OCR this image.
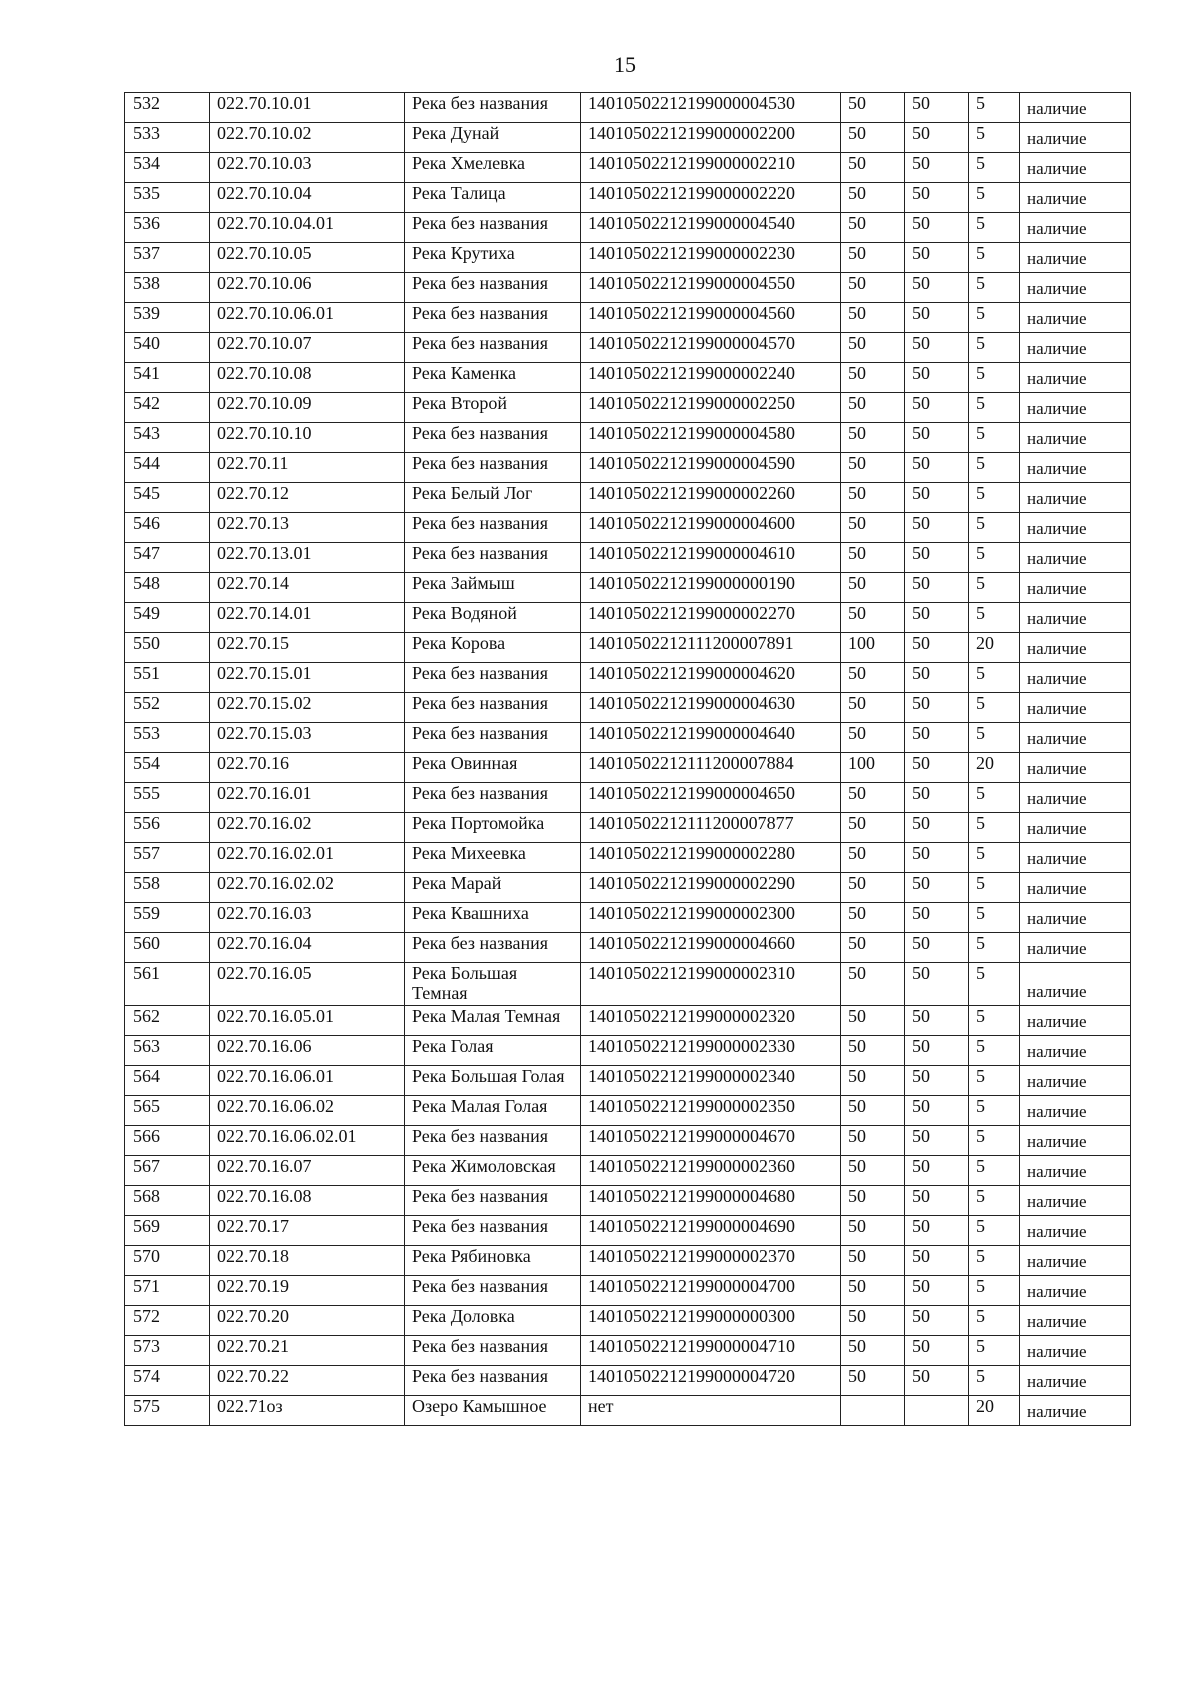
15
532	022.70.10.01	Река без названия	14010502212199000004530	50	50	5	наличие
533	022.70.10.02	Река Дунай	14010502212199000002200	50	50	5	наличие
534	022.70.10.03	Река Хмелевка	14010502212199000002210	50	50	5	наличие
535	022.70.10.04	Река Талица	14010502212199000002220	50	50	5	наличие
536	022.70.10.04.01	Река без названия	14010502212199000004540	50	50	5	наличие
537	022.70.10.05	Река Крутиха	14010502212199000002230	50	50	5	наличие
538	022.70.10.06	Река без названия	14010502212199000004550	50	50	5	наличие
539	022.70.10.06.01	Река без названия	14010502212199000004560	50	50	5	наличие
540	022.70.10.07	Река без названия	14010502212199000004570	50	50	5	наличие
541	022.70.10.08	Река Каменка	14010502212199000002240	50	50	5	наличие
542	022.70.10.09	Река Второй	14010502212199000002250	50	50	5	наличие
543	022.70.10.10	Река без названия	14010502212199000004580	50	50	5	наличие
544	022.70.11	Река без названия	14010502212199000004590	50	50	5	наличие
545	022.70.12	Река Белый Лог	14010502212199000002260	50	50	5	наличие
546	022.70.13	Река без названия	14010502212199000004600	50	50	5	наличие
547	022.70.13.01	Река без названия	14010502212199000004610	50	50	5	наличие
548	022.70.14	Река Займыш	14010502212199000000190	50	50	5	наличие
549	022.70.14.01	Река Водяной	14010502212199000002270	50	50	5	наличие
550	022.70.15	Река Корова	14010502212111200007891	100	50	20	наличие
551	022.70.15.01	Река без названия	14010502212199000004620	50	50	5	наличие
552	022.70.15.02	Река без названия	14010502212199000004630	50	50	5	наличие
553	022.70.15.03	Река без названия	14010502212199000004640	50	50	5	наличие
554	022.70.16	Река Овинная	14010502212111200007884	100	50	20	наличие
555	022.70.16.01	Река без названия	14010502212199000004650	50	50	5	наличие
556	022.70.16.02	Река Портомойка	14010502212111200007877	50	50	5	наличие
557	022.70.16.02.01	Река Михеевка	14010502212199000002280	50	50	5	наличие
558	022.70.16.02.02	Река Марай	14010502212199000002290	50	50	5	наличие
559	022.70.16.03	Река Квашниха	14010502212199000002300	50	50	5	наличие
560	022.70.16.04	Река без названия	14010502212199000004660	50	50	5	наличие
561	022.70.16.05	Река Большая Темная	14010502212199000002310	50	50	5	наличие
562	022.70.16.05.01	Река Малая Темная	14010502212199000002320	50	50	5	наличие
563	022.70.16.06	Река Голая	14010502212199000002330	50	50	5	наличие
564	022.70.16.06.01	Река Большая Голая	14010502212199000002340	50	50	5	наличие
565	022.70.16.06.02	Река Малая Голая	14010502212199000002350	50	50	5	наличие
566	022.70.16.06.02.01	Река без названия	14010502212199000004670	50	50	5	наличие
567	022.70.16.07	Река Жимоловская	14010502212199000002360	50	50	5	наличие
568	022.70.16.08	Река без названия	14010502212199000004680	50	50	5	наличие
569	022.70.17	Река без названия	14010502212199000004690	50	50	5	наличие
570	022.70.18	Река Рябиновка	14010502212199000002370	50	50	5	наличие
571	022.70.19	Река без названия	14010502212199000004700	50	50	5	наличие
572	022.70.20	Река Доловка	14010502212199000000300	50	50	5	наличие
573	022.70.21	Река без названия	14010502212199000004710	50	50	5	наличие
574	022.70.22	Река без названия	14010502212199000004720	50	50	5	наличие
575	022.71оз	Озеро Камышное	нет			20	наличие
